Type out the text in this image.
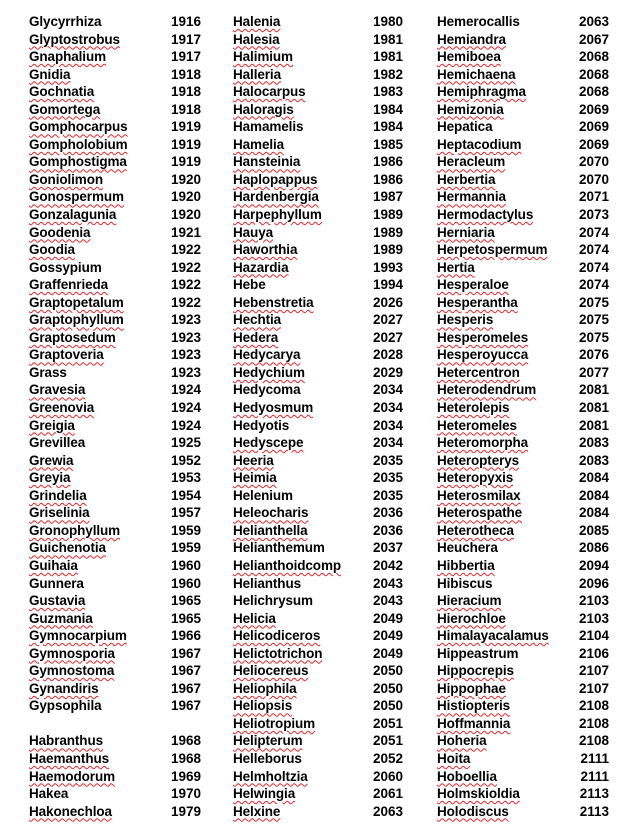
Glycyrrhiza	1916
Glyptostrobus	1917
Gnaphalium	1917
Gnidia	1918
Gochnatia	1918
Gomortega	1918
Gomphocarpus	1919
Gompholobium	1919
Gomphostigma	1919
Goniolimon	1920
Gonospermum	1920
Gonzalagunia	1920
Goodenia	1921
Goodia	1922
Gossypium	1922
Graffenrieda	1922
Graptopetalum	1922
Graptophyllum	1923
Graptosedum	1923
Graptoveria	1923
Grass	1923
Gravesia	1924
Greenovia	1924
Greigia	1924
Grevillea	1925
Grewia	1952
Greyia	1953
Grindelia	1954
Griselinia	1957
Gronophyllum	1959
Guichenotia	1959
Guihaia	1960
Gunnera	1960
Gustavia	1965
Guzmania	1965
Gymnocarpium	1966
Gymnosporia	1967
Gymnostoma	1967
Gynandiris	1967
Gypsophila	1967
Habranthus	1968
Haemanthus	1968
Haemodorum	1969
Hakea	1970
Hakonechloa	1979
Halenia	1980
Halesia	1981
Halimium	1981
Halleria	1982
Halocarpus	1983
Haloragis	1984
Hamamelis	1984
Hamelia	1985
Hansteinia	1986
Haplopappus	1986
Hardenbergia	1987
Harpephyllum	1989
Hauya	1989
Haworthia	1989
Hazardia	1993
Hebe	1994
Hebenstretia	2026
Hechtia	2027
Hedera	2027
Hedycarya	2028
Hedychium	2029
Hedycoma	2034
Hedyosmum	2034
Hedyotis	2034
Hedyscepe	2034
Heeria	2035
Heimia	2035
Helenium	2035
Heleocharis	2036
Helianthella	2036
Helianthemum	2037
Helianthoidcomp 2042
Helianthus	2043
Helichrysum	2043
Helicia	2049
Helicodiceros	2049
Helictotrichon	2049
Heliocereus	2050
Heliophila	2050
Heliopsis	2050
Heliotropium	2051
Helipterum	2051
Helleborus	2052
Helmholtzia	2060
Helwingia	2061
Helxine	2063
Hemerocallis	2063
Hemiandra	2067
Hemiboea	2068
Hemichaena	2068
Hemiphragma	2068
Hemizonia	2069
Hepatica	2069
Heptacodium	2069
Heracleum	2070
Herbertia	2070
Hermannia	2071
Hermodactylus	2073
Herniaria	2074
Herpetospermum 2074
Hertia	2074
Hesperaloe	2074
Hesperantha	2075
Hesperis	2075
Hesperomeles	2075
Hesperoyucca	2076
Hetercentron	2077
Heterodendrum	2081
Heterolepis	2081
Heteromeles	2081
Heteromorpha	2083
Heteropterys	2083
Heteropyxis	2084
Heterosmilax	2084
Heterospathe	2084
Heterotheca	2085
Heuchera	2086
Hibbertia	2094
Hibiscus	2096
Hieracium	2103
Hierochloe	2103
Himalayacalamus 2104
Hippeastrum	2106
Hippocrepis	2107
Hippophae	2107
Histiopteris	2108
Hoffmannia	2108
Hoheria	2108
Hoita	2111
Hoboellia	2111
Holmskioldia	2113
Holodiscus	2113
